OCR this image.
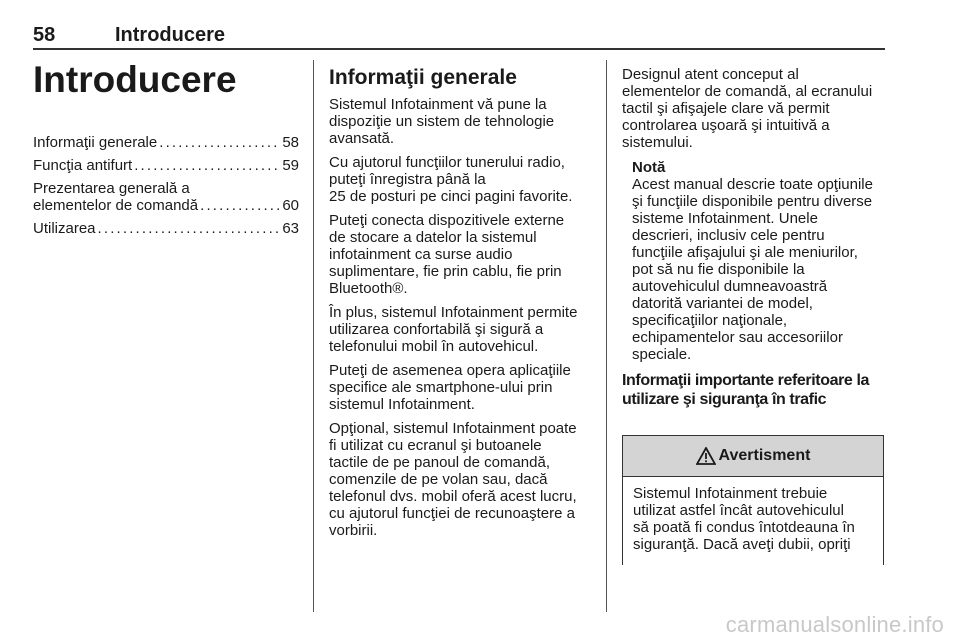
58	Introducere
Introducere
Informaţii generale . . .	58
Funcţia antifurt . . .	59
Prezentarea generală a
elementelor de comandă . . .	60
Utilizarea . . .	63
Informaţii generale

Sistemul Infotainment vă pune la
dispoziţie un sistem de tehnologie
avansată.

Cu ajutorul funcţiilor tunerului radio,
puteţi înregistra până la
25 de posturi pe cinci pagini favorite.

Puteţi conecta dispozitivele externe
de stocare a datelor la sistemul
infotainment ca surse audio
suplimentare, fie prin cablu, fie prin
Bluetooth®.

În plus, sistemul Infotainment permite
utilizarea confortabilă şi sigură a
telefonului mobil în autovehicul.

Puteţi de asemenea opera aplicaţiile
specifice ale smartphone-ului prin
sistemul Infotainment.

Opţional, sistemul Infotainment poate
fi utilizat cu ecranul şi butoanele
tactile de pe panoul de comandă,
comenzile de pe volan sau, dacă
telefonul dvs. mobil oferă acest lucru,
cu ajutorul funcţiei de recunoaştere a
vorbirii.

Designul atent conceput al
elementelor de comandă, al ecranului
tactil şi afişajele clare vă permit
controlarea uşoară şi intuitivă a
sistemului.

Notă

Acest manual descrie toate opţiunile
şi funcţiile disponibile pentru diverse
sisteme Infotainment. Unele
descrieri, inclusiv cele pentru
funcţiile afişajului şi ale meniurilor,
pot să nu fie disponibile la
autovehiculul dumneavoastră
datorită variantei de model,
specificaţiilor naţionale,
echipamentelor sau accesoriilor
speciale.

Informaţii importante referitoare la
utilizare şi siguranţa în trafic
Avertisment
Sistemul Infotainment trebuie
utilizat astfel încât autovehiculul
să poată fi condus întotdeauna în
siguranţă. Dacă aveţi dubii, opriţi
carmanualsonline.info
